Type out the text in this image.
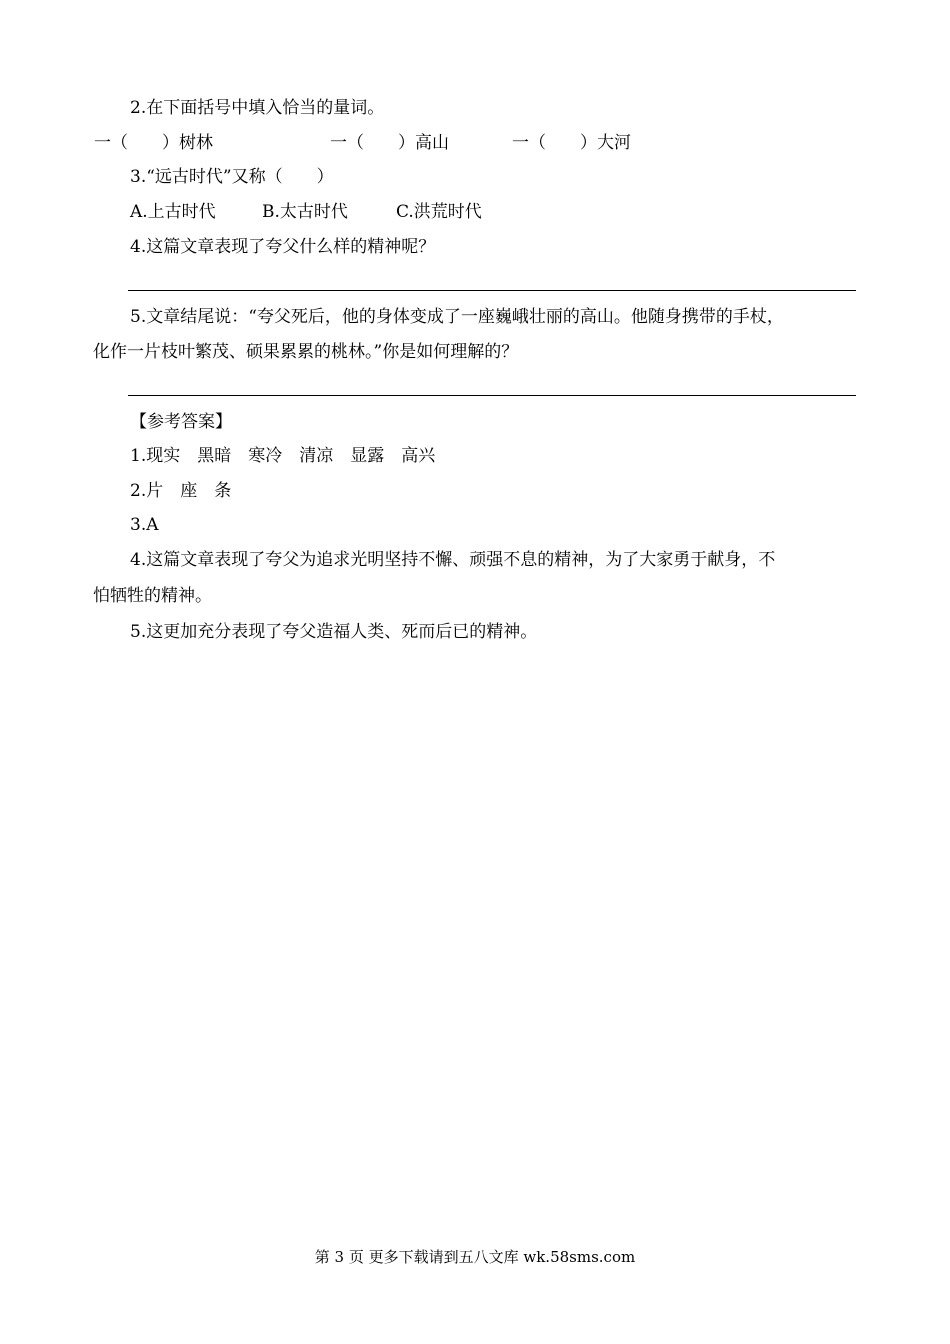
2.在下面括号中填入恰当的量词。

一（　　）树林

	一（　　）高山

	一（　　）大河

3.“远古时代”又称（　　）

A.上古时代

	B.太古时代

	C.洪荒时代

4.这篇文章表现了夸父什么样的精神呢？
5.文章结尾说：“夸父死后，他的身体变成了一座巍峨壮丽的高山。他随身携带的手杖，
化作一片枝叶繁茂、硕果累累的桃林。”你是如何理解的？
【参考答案】
1.现实　黑暗　寒冷　清凉　显露　高兴
2.片　座　条
3.A
4.这篇文章表现了夸父为追求光明坚持不懈、顽强不息的精神，为了大家勇于献身，不
怕牺牲的精神。
5.这更加充分表现了夸父造福人类、死而后已的精神。
第 3 页 更多下载请到五八文库 wk.58sms.com
